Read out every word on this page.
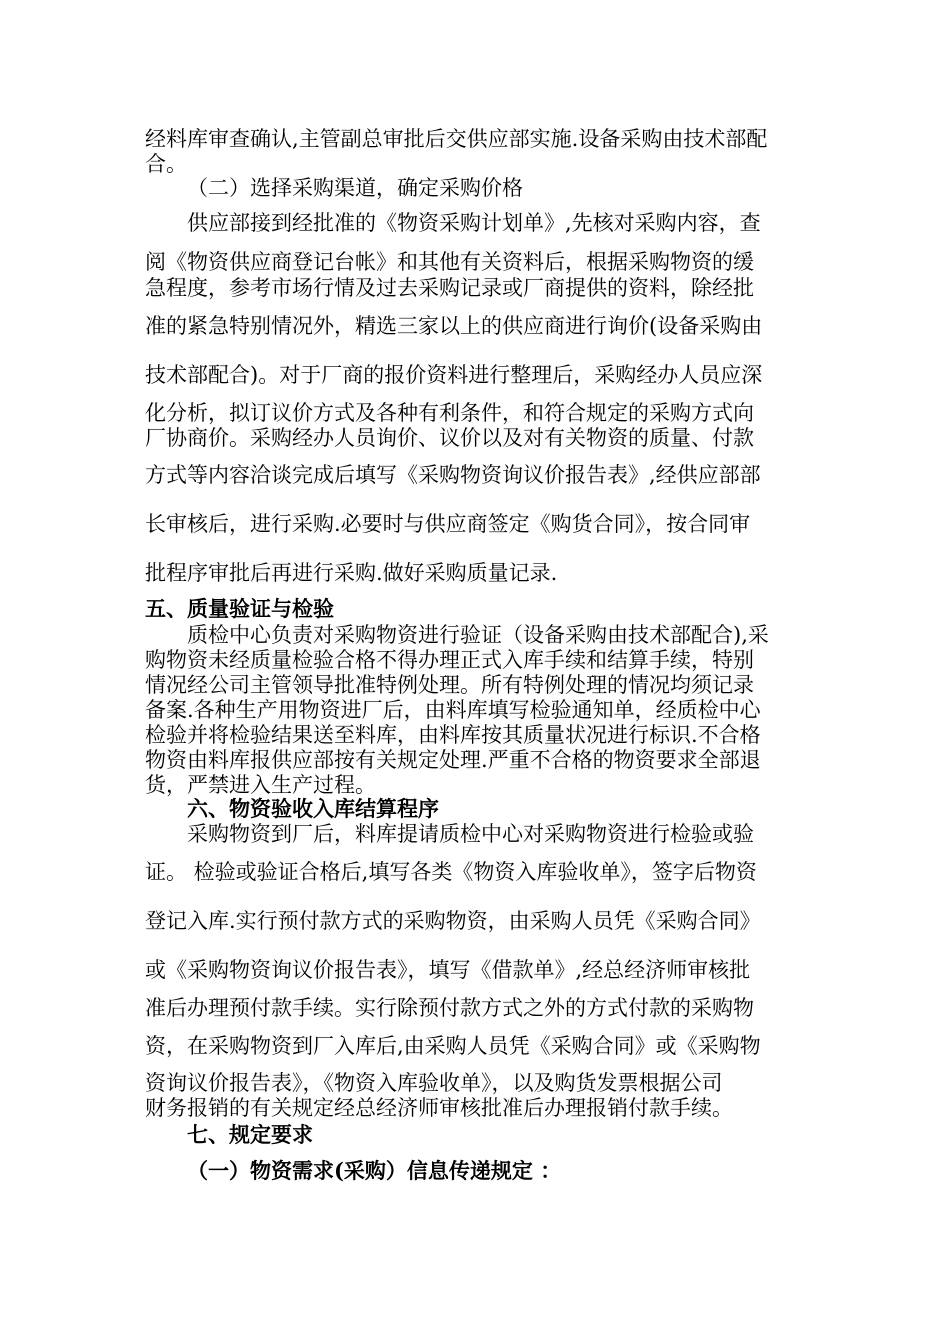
经料库审查确认,主管副总审批后交供应部实施.设备采购由技术部配

合。

（二）选择采购渠道，确定采购价格

供应部接到经批准的《物资采购计划单》,先核对采购内容，查

阅《物资供应商登记台帐》和其他有关资料后，根据采购物资的缓

急程度，参考市场行情及过去采购记录或厂商提供的资料，除经批

准的紧急特别情况外，精选三家以上的供应商进行询价(设备采购由

技术部配合)。对于厂商的报价资料进行整理后，采购经办人员应深

化分析，拟订议价方式及各种有利条件，和符合规定的采购方式向

厂协商价。采购经办人员询价、议价以及对有关物资的质量、付款

方式等内容洽谈完成后填写《采购物资询议价报告表》,经供应部部

长审核后，进行采购.必要时与供应商签定《购货合同》，按合同审

批程序审批后再进行采购.做好采购质量记录.

五、质量验证与检验

质检中心负责对采购物资进行验证（设备采购由技术部配合),采

购物资未经质量检验合格不得办理正式入库手续和结算手续，特别

情况经公司主管领导批准特例处理。所有特例处理的情况均须记录

备案.各种生产用物资进厂后，由料库填写检验通知单，经质检中心

检验并将检验结果送至料库，由料库按其质量状况进行标识.不合格

物资由料库报供应部按有关规定处理.严重不合格的物资要求全部退

货，严禁进入生产过程。

六、物资验收入库结算程序

采购物资到厂后，料库提请质检中心对采购物资进行检验或验

证。 检验或验证合格后,填写各类《物资入库验收单》，签字后物资

登记入库.实行预付款方式的采购物资，由采购人员凭《采购合同》

或《采购物资询议价报告表》，填写《借款单》,经总经济师审核批

准后办理预付款手续。实行除预付款方式之外的方式付款的采购物

资，在采购物资到厂入库后,由采购人员凭《采购合同》或《采购物

资询议价报告表》，《物资入库验收单》，以及购货发票根据公司

财务报销的有关规定经总经济师审核批准后办理报销付款手续。

七、规定要求

（一）物资需求(采购）信息传递规定 ：
